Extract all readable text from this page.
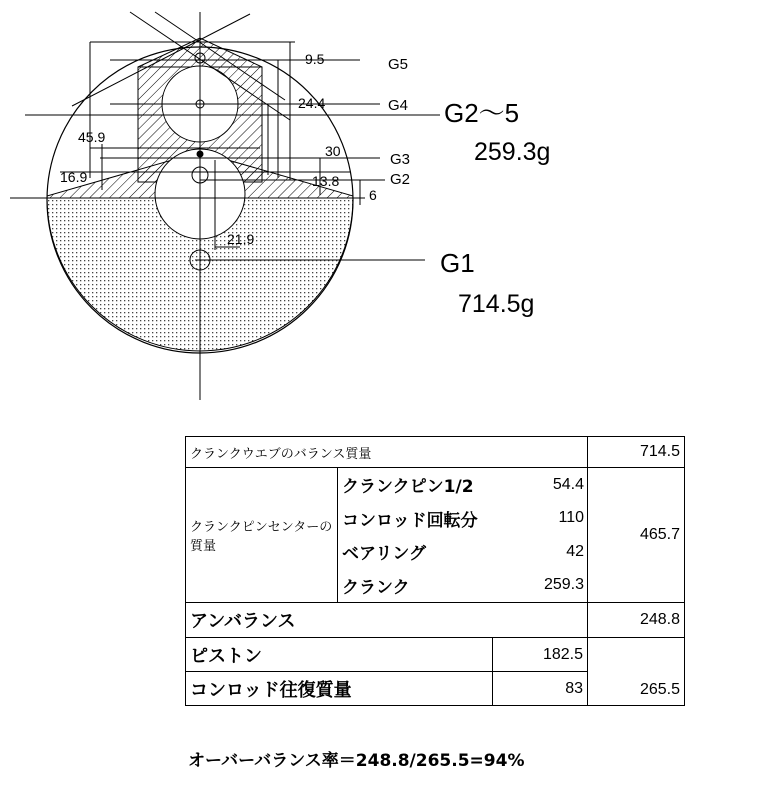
9.5
24.4
45.9
30
16.9	13.8
6
21.9
G5
G4
G3
G2
G2〜5
259.3g
G1
714.5g
クランクウエブのバランス質量	714.5
クランクピンセンターの質量	
クランクピン1/2	54.4
コンロッド回転分	110
ベアリング	42
クランク	259.3
	465.7
アンバランス	248.8
ピストン	182.5	265.5
コンロッド往復質量	83
オーバーバランス率＝248.8/265.5=94%
